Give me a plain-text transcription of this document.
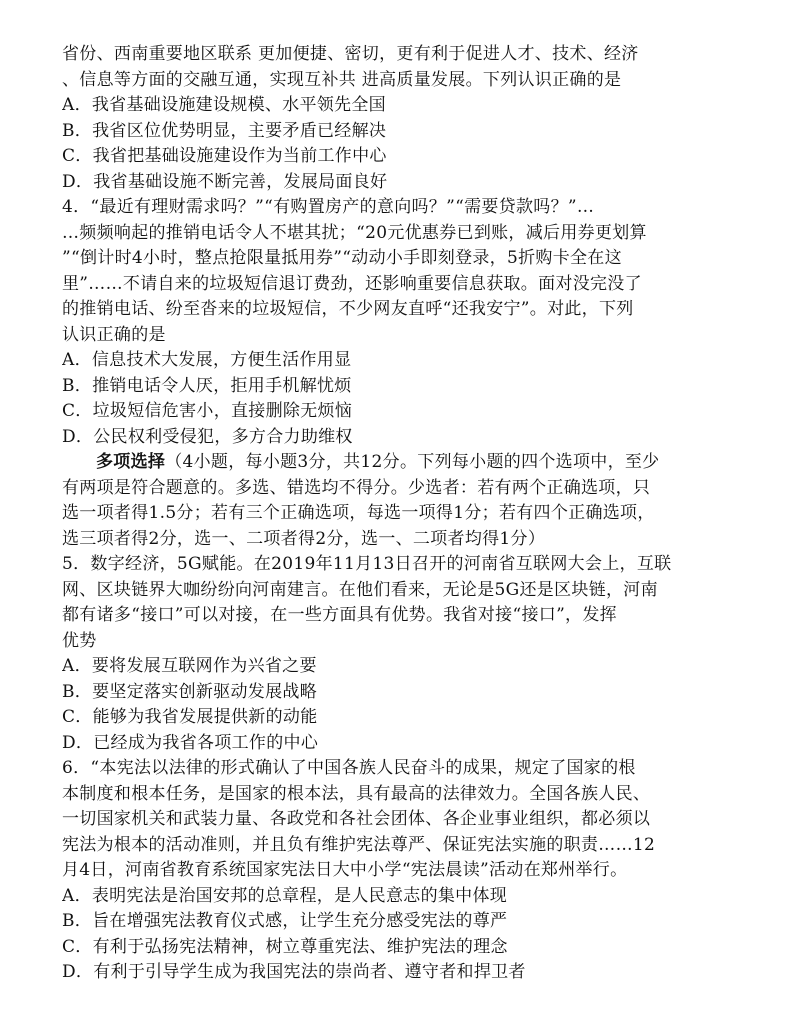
省份、西南重要地区联系 更加便捷、密切，更有利于促进人才、技术、经济
、信息等方面的交融互通，实现互补共 进高质量发展。下列认识正确的是
A．我省基础设施建设规模、水平领先全国
B．我省区位优势明显，主要矛盾已经解决
C．我省把基础设施建设作为当前工作中心
D．我省基础设施不断完善，发展局面良好
4．“最近有理财需求吗？”“有购置房产的意向吗？”“需要贷款吗？”…
…频频响起的推销电话令人不堪其扰；“20元优惠券已到账，减后用券更划算
”“倒计时4小时，整点抢限量抵用券”“动动小手即刻登录，5折购卡全在这
里”……不请自来的垃圾短信退订费劲，还影响重要信息获取。面对没完没了
的推销电话、纷至沓来的垃圾短信，不少网友直呼“还我安宁”。对此，下列
认识正确的是
A．信息技术大发展，方便生活作用显
B．推销电话令人厌，拒用手机解忧烦
C．垃圾短信危害小，直接删除无烦恼
D．公民权利受侵犯，多方合力助维权
多项选择（4小题，每小题3分，共12分。下列每小题的四个选项中，至少
有两项是符合题意的。多选、错选均不得分。少选者：若有两个正确选项，只
选一项者得1.5分；若有三个正确选项，每选一项得1分；若有四个正确选项，
选三项者得2分，选一、二项者得2分，选一、二项者均得1分）
5．数字经济，5G赋能。在2019年11月13日召开的河南省互联网大会上，互联
网、区块链界大咖纷纷向河南建言。在他们看来，无论是5G还是区块链，河南
都有诸多“接口”可以对接，在一些方面具有优势。我省对接“接口”，发挥
优势
A．要将发展互联网作为兴省之要
B．要坚定落实创新驱动发展战略
C．能够为我省发展提供新的动能
D．已经成为我省各项工作的中心
6．“本宪法以法律的形式确认了中国各族人民奋斗的成果，规定了国家的根
本制度和根本任务，是国家的根本法，具有最高的法律效力。全国各族人民、
一切国家机关和武装力量、各政党和各社会团体、各企业事业组织，都必须以
宪法为根本的活动准则，并且负有维护宪法尊严、保证宪法实施的职责……12
月4日，河南省教育系统国家宪法日大中小学“宪法晨读”活动在郑州举行。
A．表明宪法是治国安邦的总章程，是人民意志的集中体现
B．旨在增强宪法教育仪式感，让学生充分感受宪法的尊严
C．有利于弘扬宪法精神，树立尊重宪法、维护宪法的理念
D．有利于引导学生成为我国宪法的崇尚者、遵守者和捍卫者
